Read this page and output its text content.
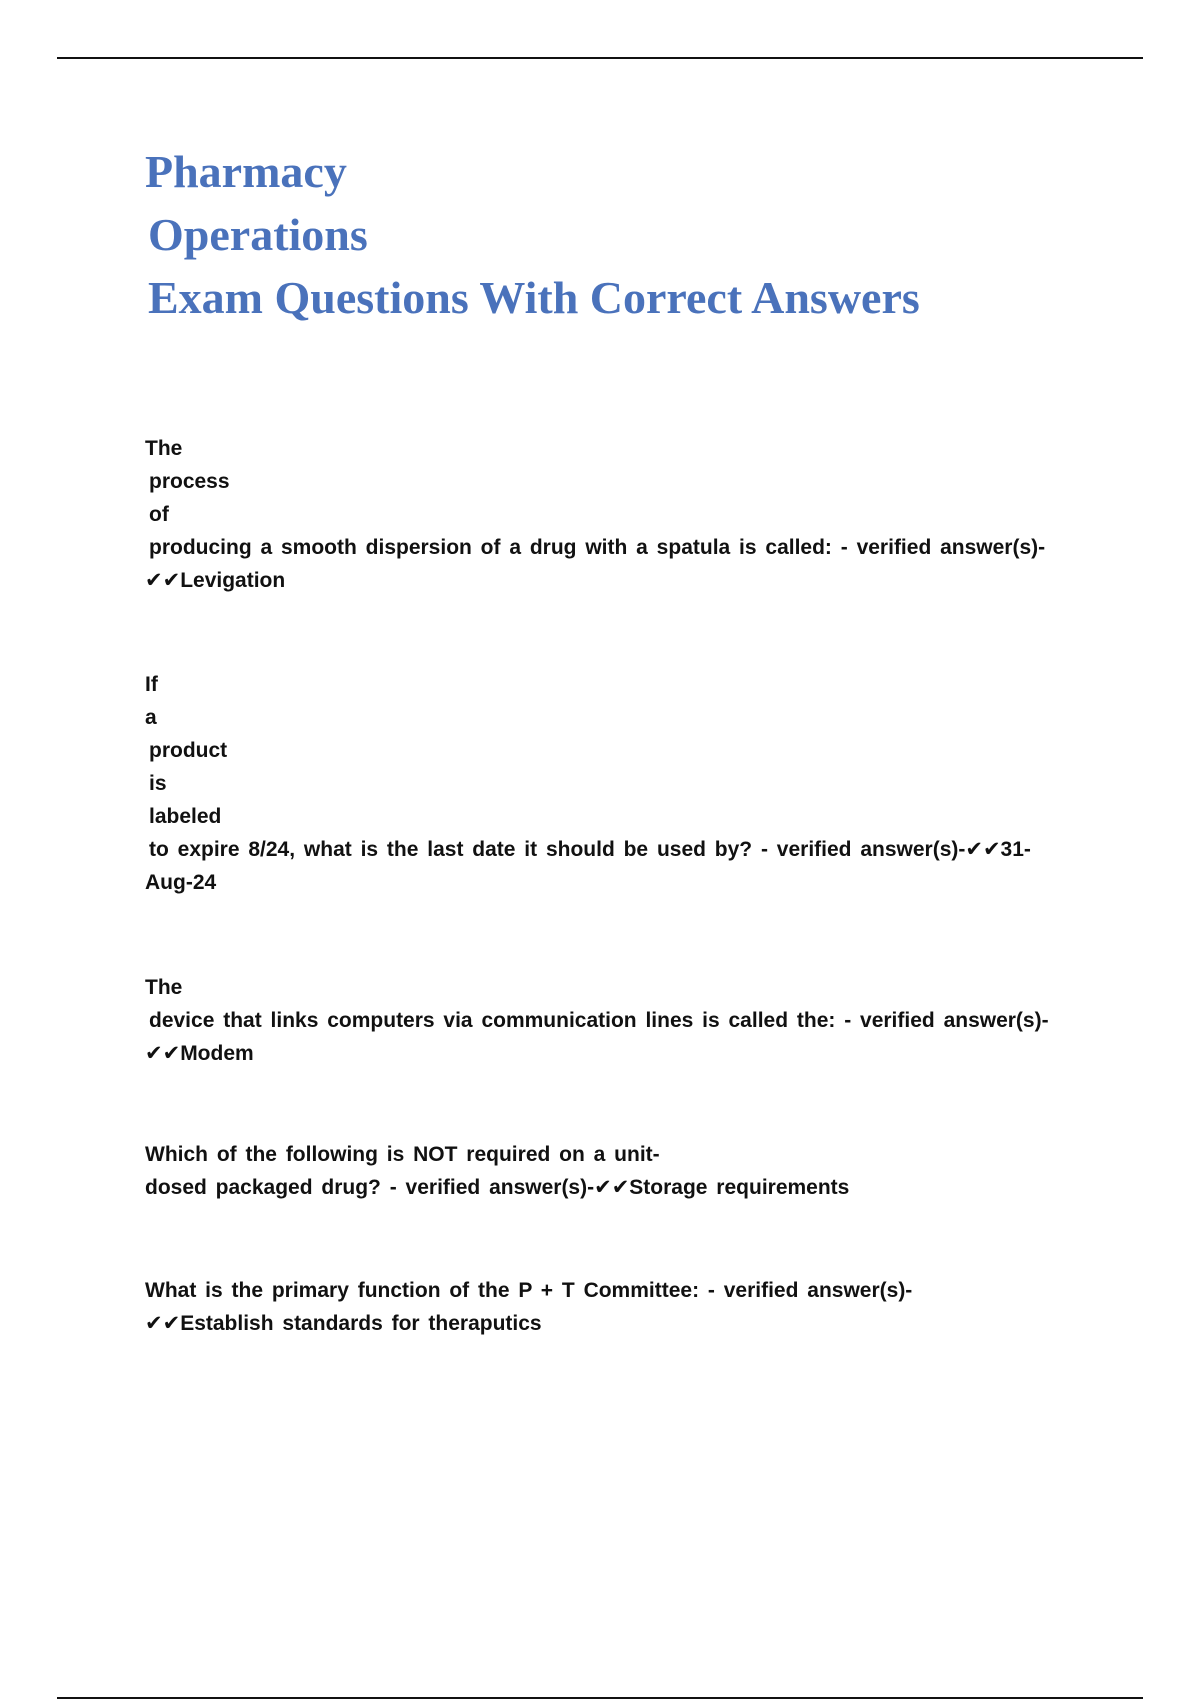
Pharmacy
Operations
Exam Questions With Correct Answers
The
process
of
producing a smooth dispersion of a drug with a spatula is called: - verified answer(s)-
✔✔Levigation
If
a
product
is
labeled
to expire 8/24, what is the last date it should be used by? - verified answer(s)-✔✔31-
Aug-24
The
device that links computers via communication lines is called the: - verified answer(s)-
✔✔Modem
Which of the following is NOT required on a unit-
dosed packaged drug? - verified answer(s)-✔✔Storage requirements
What is the primary function of the P + T Committee: - verified answer(s)-
✔✔Establish standards for theraputics
